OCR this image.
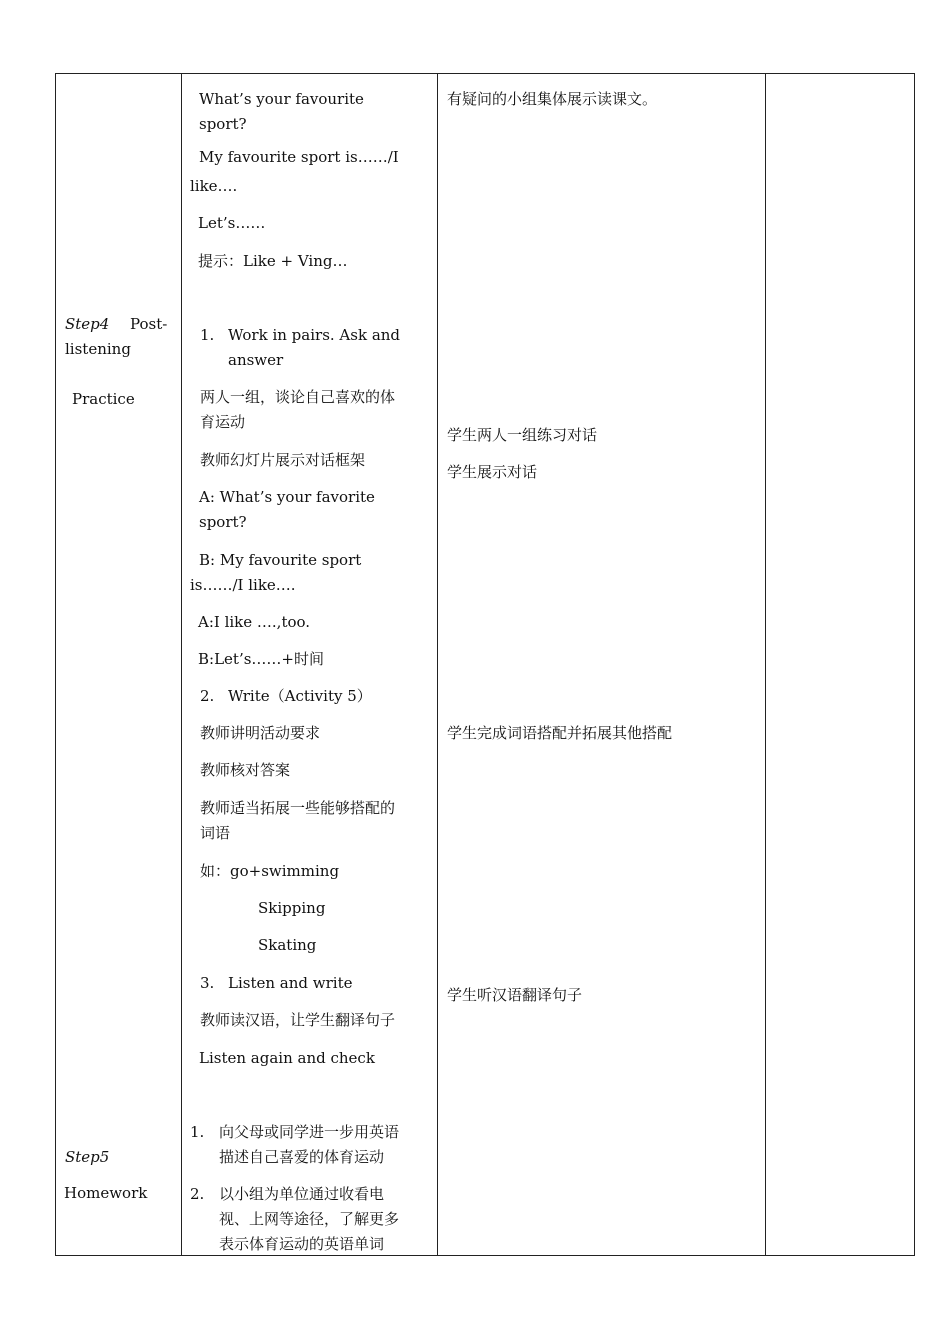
Step4 Post-
listening
Practice
Step5
Homework
What’s your favourite
sport?
My favourite sport is……/I
like….
Let’s……
提示：Like + Ving…
1. Work in pairs. Ask and
answer
两人一组，谈论自己喜欢的体
育运动
教师幻灯片展示对话框架
A: What’s your favorite
sport?
B: My favourite sport
is……/I like….
A:I like ….,too.
B:Let’s……+时间
2. Write（Activity 5）
教师讲明活动要求
教师核对答案
教师适当拓展一些能够搭配的
词语
如：go+swimming
Skipping
Skating
3. Listen and write
教师读汉语，让学生翻译句子
Listen again and check
1. 向父母或同学进一步用英语
描述自己喜爱的体育运动
2. 以小组为单位通过收看电
视、上网等途径，了解更多
表示体育运动的英语单词
有疑问的小组集体展示读课文。
学生两人一组练习对话
学生展示对话
学生完成词语搭配并拓展其他搭配
学生听汉语翻译句子
